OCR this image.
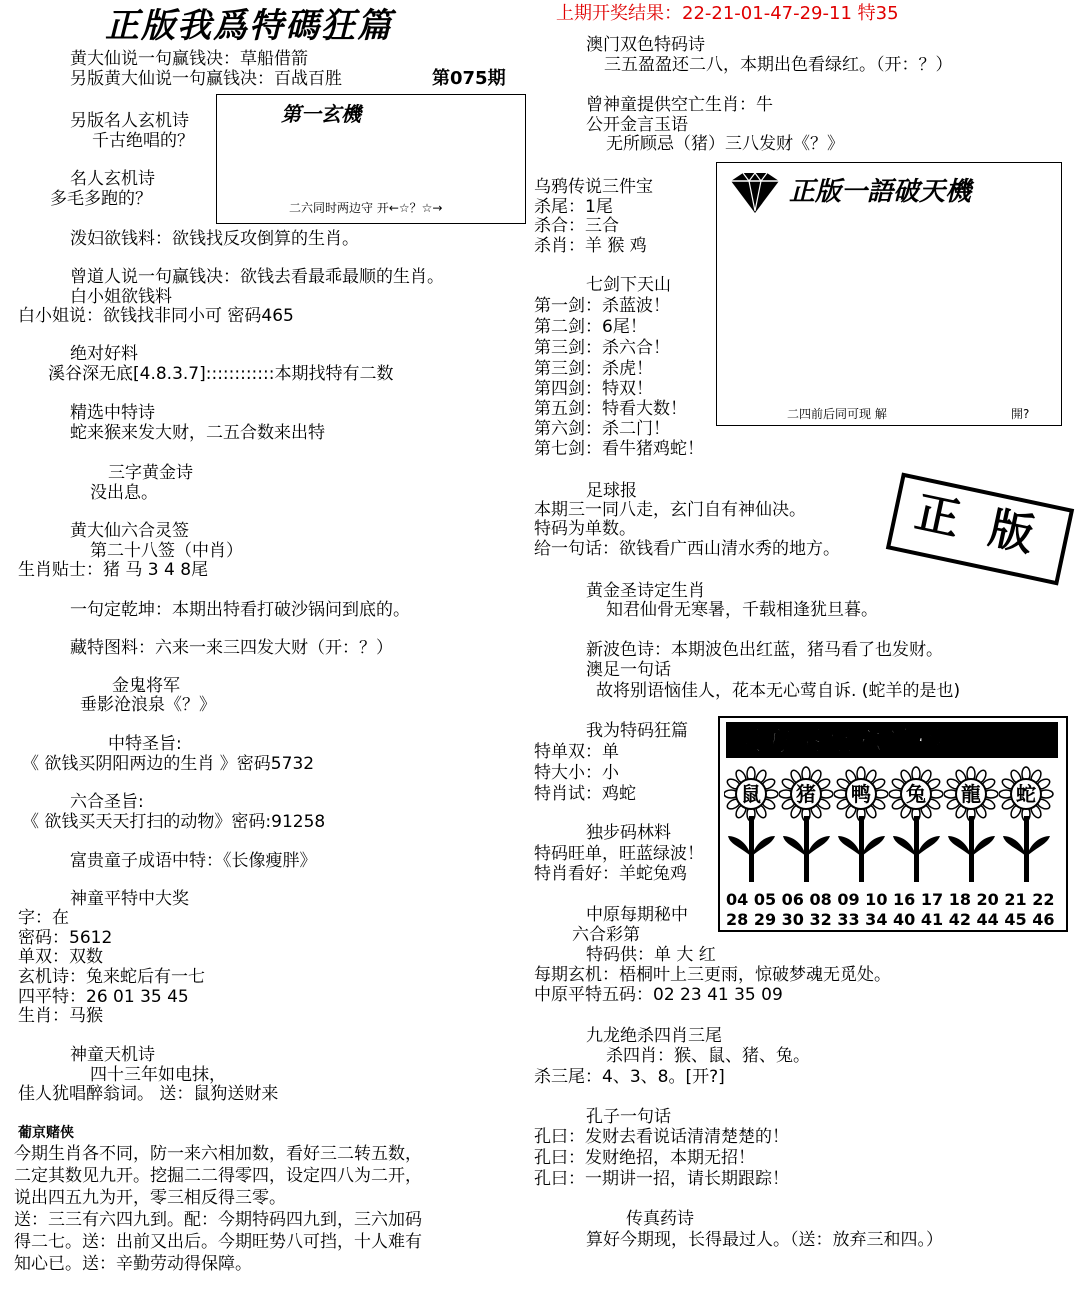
正版我爲特碼狂篇	上期开奖结果：22-21-01-47-29-11 特35
第075期
黄大仙说一句赢钱决：草船借箭
另版黄大仙说一句赢钱决：百战百胜
另版名人玄机诗
千古绝唱的？
第一玄機
二六同时两边守 开←☆？☆→
名人玄机诗
多毛多跑的？
泼妇欲钱料：欲钱找反攻倒算的生肖。
曾道人说一句赢钱决：欲钱去看最乖最顺的生肖。
白小姐欲钱料
白小姐说：欲钱找非同小可 密码465
绝对好料
溪谷深无底[4.8.3.7]::::::::::::本期找特有二数
精选中特诗
蛇来猴来发大财，二五合数来出特
三字黄金诗
没出息。
黄大仙六合灵签
第二十八签（中肖）
生肖贴士：猪 马 3 4 8尾
一句定乾坤：本期出特看打破沙锅问到底的。
藏特图料：六来一来三四发大财（开：？）
金鬼将军
垂影沧浪泉《？》
中特圣旨:
《 欲钱买阴阳两边的生肖 》密码5732
六合圣旨:
《 欲钱买天天打扫的动物》密码:91258
富贵童子成语中特：《长像瘦胖》
神童平特中大奖
字：在
密码：5612
单双：双数
玄机诗：兔来蛇后有一七
四平特：26 01 35 45
生肖：马猴
神童天机诗
四十三年如电抹，
佳人犹唱醉翁词。 送：鼠狗送财来
葡京赌侠
今期生肖各不同，防一来六相加数，看好三二转五数，
二定其数见九开。挖掘二二得零四，设定四八为二开，
说出四五九为开，零三相反得三零。
送：三三有六四九到。配：今期特码四九到，三六加码
得二七。送：出前又出后。今期旺势八可挡，十人难有
知心已。送：辛勤劳动得保障。
澳门双色特码诗
三五盈盈还二八，本期出色看绿红。（开：？）
曾神童提供空亡生肖：牛
公开金言玉语
无所顾忌（猪）三八发财《？》
乌鸦传说三件宝
杀尾：1尾
杀合：三合
杀肖：羊 猴 鸡
七剑下天山
第一剑：杀蓝波！
第二剑：6尾！
第三剑：杀六合！
第三剑：杀虎！
第四剑：特双！
第五剑：特看大数！
第六剑：杀二门！
第七剑：看牛猪鸡蛇！
正版一語破天機
二四前后同可现 解	開?
正 版
足球报
本期三一同八走，玄门自有神仙决。
特码为单数。
给一句话：欲钱看广西山清水秀的地方。
黄金圣诗定生肖
知君仙骨无寒暑，千载相逢犹旦暮。
新波色诗：本期波色出红蓝，猪马看了也发财。
澳足一句话
故将别语恼佳人，花本无心莺自诉. (蛇羊的是也)
我为特码狂篇
特单双：单
特大小：小
特肖试：鸡蛇
独步码林料
特码旺单，旺蓝绿波！
特肖看好：羊蛇兔鸡
東方葵花六肖料
鼠 猪 鸭 兔 龍 蛇
04 05 06 08 09 10 16 17 18 20 21 22
28 29 30 32 33 34 40 41 42 44 45 46
中原每期秘中
六合彩第
特码供：单 大 红
每期玄机：梧桐叶上三更雨，惊破梦魂无觅处。
中原平特五码：02 23 41 35 09
九龙绝杀四肖三尾
杀四肖：猴、鼠、猪、兔。
杀三尾：4、3、8。[开?]
孔子一句话
孔曰：发财去看说话清清楚楚的！
孔曰：发财绝招，本期无招！
孔曰：一期讲一招，请长期跟踪！
传真药诗
算好今期现，长得最过人。（送：放弃三和四。）
